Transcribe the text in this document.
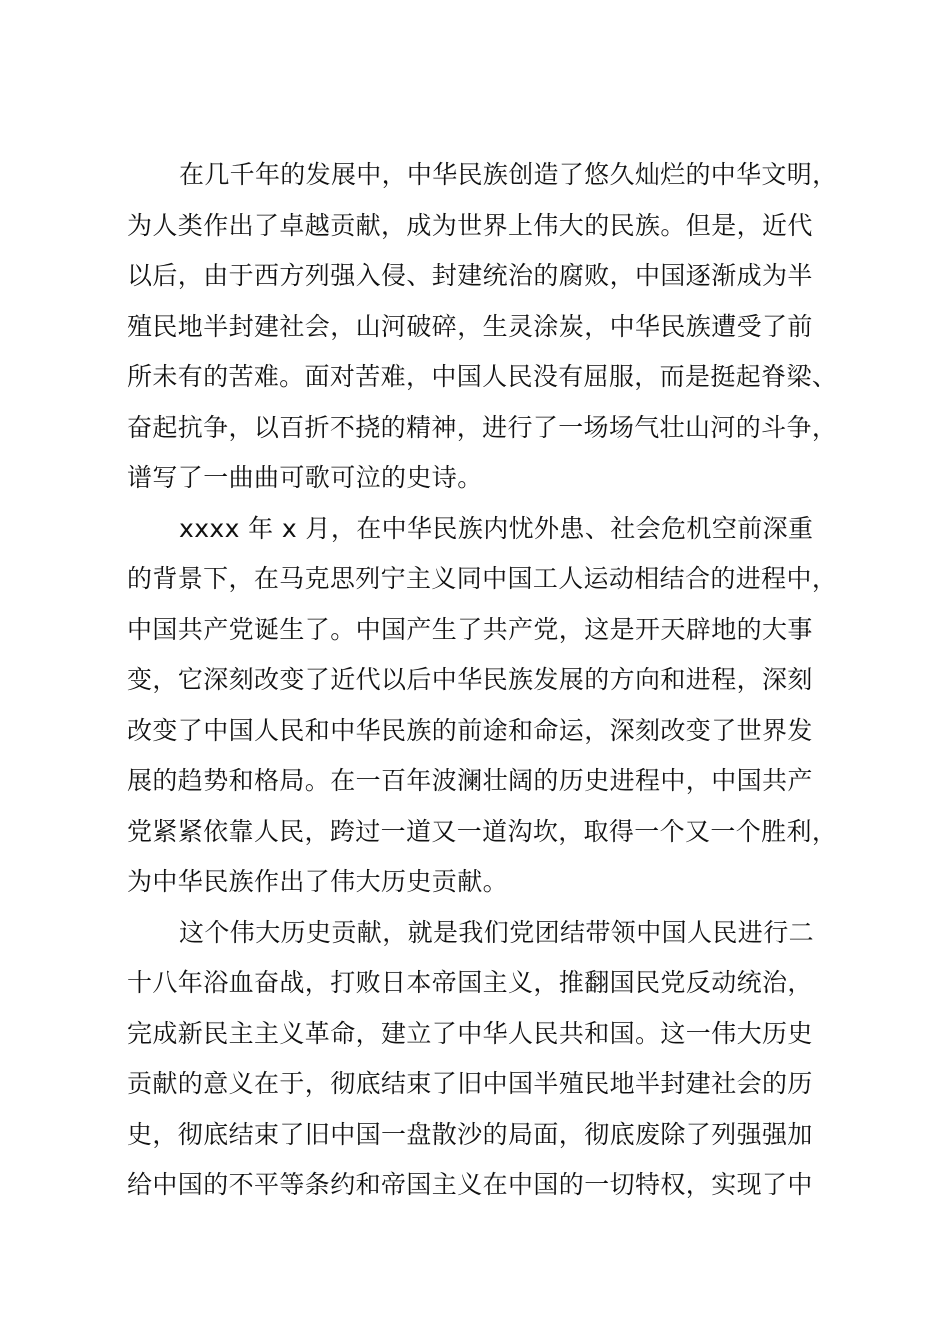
在几千年的发展中，中华民族创造了悠久灿烂的中华文明，
为人类作出了卓越贡献，成为世界上伟大的民族。但是，近代
以后，由于西方列强入侵、封建统治的腐败，中国逐渐成为半
殖民地半封建社会，山河破碎，生灵涂炭，中华民族遭受了前
所未有的苦难。面对苦难，中国人民没有屈服，而是挺起脊梁、
奋起抗争，以百折不挠的精神，进行了一场场气壮山河的斗争，
谱写了一曲曲可歌可泣的史诗。

xxxx 年 x 月，在中华民族内忧外患、社会危机空前深重
的背景下，在马克思列宁主义同中国工人运动相结合的进程中，
中国共产党诞生了。中国产生了共产党，这是开天辟地的大事
变，它深刻改变了近代以后中华民族发展的方向和进程，深刻
改变了中国人民和中华民族的前途和命运，深刻改变了世界发
展的趋势和格局。在一百年波澜壮阔的历史进程中，中国共产
党紧紧依靠人民，跨过一道又一道沟坎，取得一个又一个胜利，
为中华民族作出了伟大历史贡献。

这个伟大历史贡献，就是我们党团结带领中国人民进行二
十八年浴血奋战，打败日本帝国主义，推翻国民党反动统治，
完成新民主主义革命，建立了中华人民共和国。这一伟大历史
贡献的意义在于，彻底结束了旧中国半殖民地半封建社会的历
史，彻底结束了旧中国一盘散沙的局面，彻底废除了列强强加
给中国的不平等条约和帝国主义在中国的一切特权，实现了中
